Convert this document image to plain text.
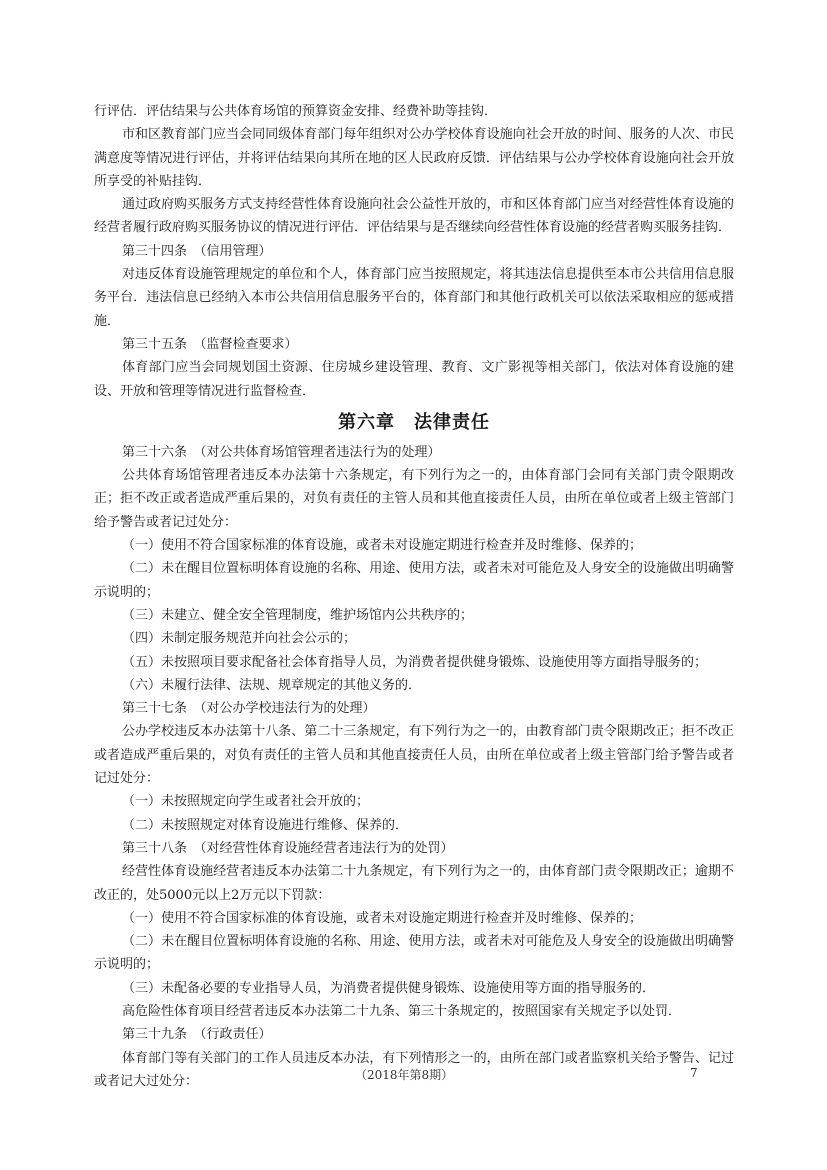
行评估．评估结果与公共体育场馆的预算资金安排、经费补助等挂钩．

市和区教育部门应当会同同级体育部门每年组织对公办学校体育设施向社会开放的时间、服务的人次、市民满意度等情况进行评估，并将评估结果向其所在地的区人民政府反馈．评估结果与公办学校体育设施向社会开放所享受的补贴挂钩．

通过政府购买服务方式支持经营性体育设施向社会公益性开放的，市和区体育部门应当对经营性体育设施的经营者履行政府购买服务协议的情况进行评估．评估结果与是否继续向经营性体育设施的经营者购买服务挂钩．

第三十四条　（信用管理）

对违反体育设施管理规定的单位和个人，体育部门应当按照规定，将其违法信息提供至本市公共信用信息服务平台．违法信息已经纳入本市公共信用信息服务平台的，体育部门和其他行政机关可以依法采取相应的惩戒措施．

第三十五条　（监督检查要求）

体育部门应当会同规划国土资源、住房城乡建设管理、教育、文广影视等相关部门，依法对体育设施的建设、开放和管理等情况进行监督检查．

第六章　法律责任

第三十六条　（对公共体育场馆管理者违法行为的处理）

公共体育场馆管理者违反本办法第十六条规定，有下列行为之一的，由体育部门会同有关部门责令限期改正；拒不改正或者造成严重后果的，对负有责任的主管人员和其他直接责任人员，由所在单位或者上级主管部门给予警告或者记过处分：

（一）使用不符合国家标准的体育设施，或者未对设施定期进行检查并及时维修、保养的；

（二）未在醒目位置标明体育设施的名称、用途、使用方法，或者未对可能危及人身安全的设施做出明确警示说明的；

（三）未建立、健全安全管理制度，维护场馆内公共秩序的；

（四）未制定服务规范并向社会公示的；

（五）未按照项目要求配备社会体育指导人员，为消费者提供健身锻炼、设施使用等方面指导服务的；

（六）未履行法律、法规、规章规定的其他义务的．

第三十七条　（对公办学校违法行为的处理）

公办学校违反本办法第十八条、第二十三条规定，有下列行为之一的，由教育部门责令限期改正；拒不改正或者造成严重后果的，对负有责任的主管人员和其他直接责任人员，由所在单位或者上级主管部门给予警告或者记过处分：

（一）未按照规定向学生或者社会开放的；

（二）未按照规定对体育设施进行维修、保养的．

第三十八条　（对经营性体育设施经营者违法行为的处罚）

经营性体育设施经营者违反本办法第二十九条规定，有下列行为之一的，由体育部门责令限期改正；逾期不改正的，处5000元以上2万元以下罚款：

（一）使用不符合国家标准的体育设施，或者未对设施定期进行检查并及时维修、保养的；

（二）未在醒目位置标明体育设施的名称、用途、使用方法，或者未对可能危及人身安全的设施做出明确警示说明的；

（三）未配备必要的专业指导人员，为消费者提供健身锻炼、设施使用等方面的指导服务的．

高危险性体育项目经营者违反本办法第二十九条、第三十条规定的，按照国家有关规定予以处罚．

第三十九条　（行政责任）

体育部门等有关部门的工作人员违反本办法，有下列情形之一的，由所在部门或者监察机关给予警告、记过或者记大过处分：	（2018年第8期）	7
